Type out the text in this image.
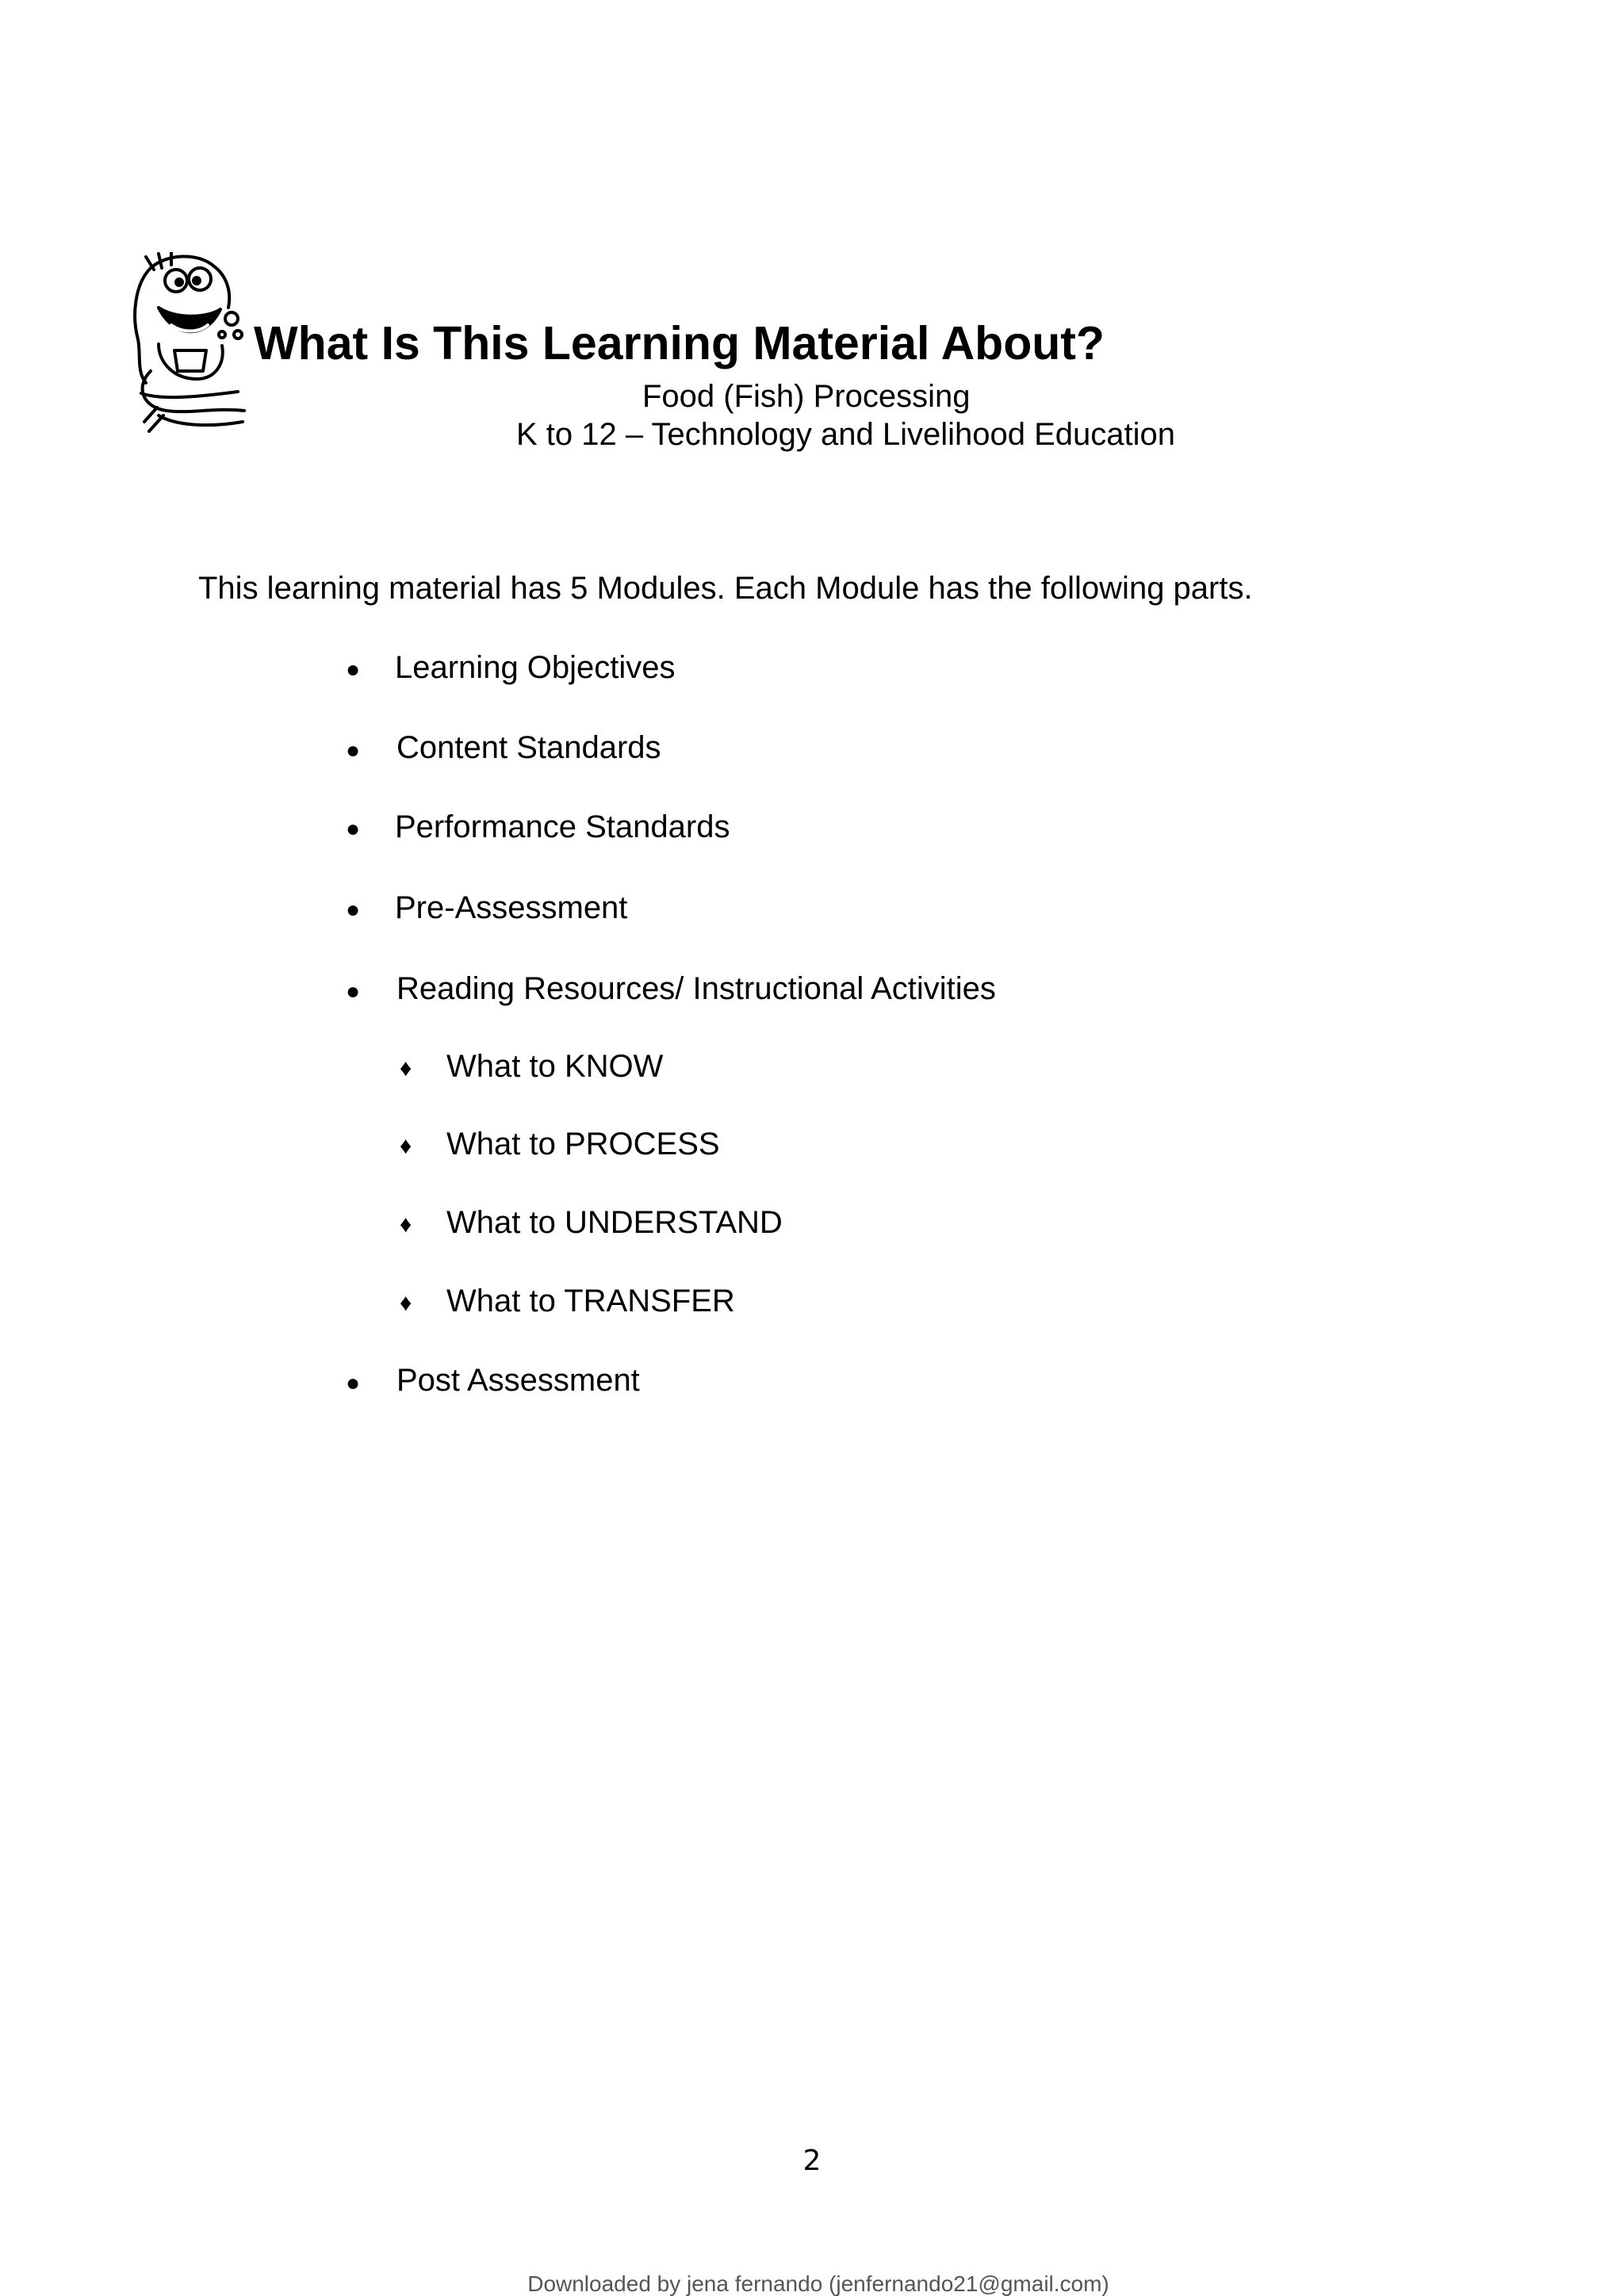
What Is This Learning Material About?
Food (Fish) Processing
K to 12 – Technology and Livelihood Education
This learning material has 5 Modules. Each Module has the following parts.
● Learning Objectives
● Content Standards
● Performance Standards
● Pre-Assessment
● Reading Resources/ Instructional Activities
♦ What to KNOW
♦ What to PROCESS
♦ What to UNDERSTAND
♦ What to TRANSFER
● Post Assessment
2
Downloaded by jena fernando (jenfernando21@gmail.com)
